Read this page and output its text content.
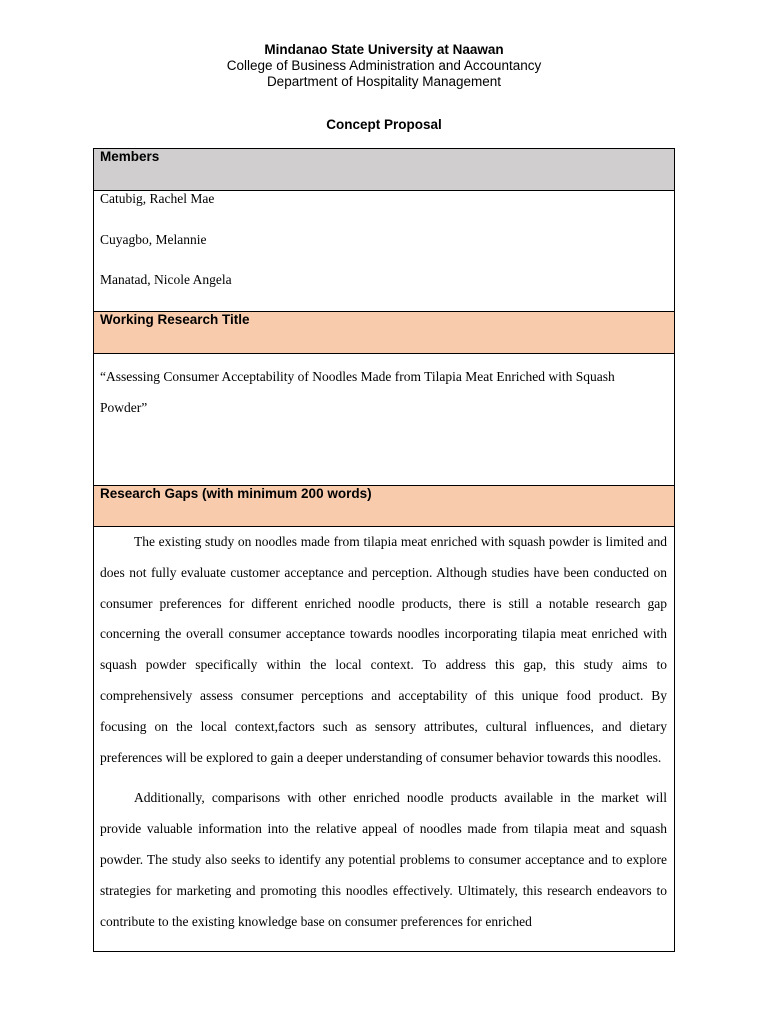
Mindanao State University at Naawan
College of Business Administration and Accountancy
Department of Hospitality Management
Concept Proposal
Members
Catubig, Rachel Mae
Cuyagbo, Melannie
Manatad, Nicole Angela
Working Research Title
“Assessing Consumer Acceptability of Noodles Made from Tilapia Meat Enriched with Squash Powder”
Research Gaps (with minimum 200 words)

The existing study on noodles made from tilapia meat enriched with squash powder is limited and does not fully evaluate customer acceptance and perception. Although studies have been conducted on consumer preferences for different enriched noodle products, there is still a notable research gap concerning the overall consumer acceptance towards noodles incorporating tilapia meat enriched with squash powder specifically within the local context. To address this gap, this study aims to comprehensively assess consumer perceptions and acceptability of this unique food product. By focusing on the local context,factors such as sensory attributes, cultural influences, and dietary preferences will be explored to gain a deeper understanding of consumer behavior towards this noodles.

Additionally, comparisons with other enriched noodle products available in the market will provide valuable information into the relative appeal of noodles made from tilapia meat and squash powder. The study also seeks to identify any potential problems to consumer acceptance and to explore strategies for marketing and promoting this noodles effectively. Ultimately, this research endeavors to contribute to the existing knowledge base on consumer preferences for enriched
